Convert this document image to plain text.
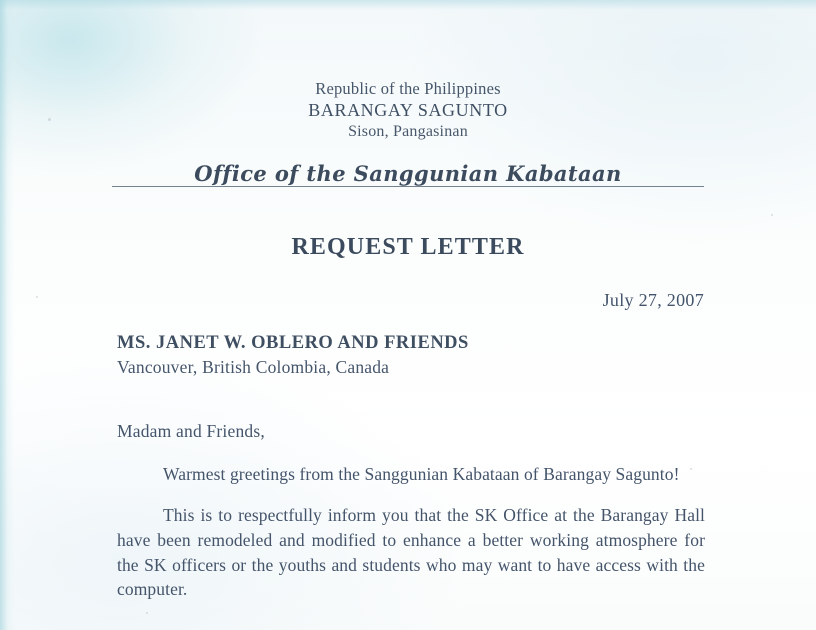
Republic of the Philippines
BARANGAY SAGUNTO
Sison, Pangasinan
Office of the Sanggunian Kabataan
REQUEST LETTER
July 27, 2007
MS. JANET W. OBLERO AND FRIENDS
Vancouver, British Colombia, Canada
Madam and Friends,

Warmest greetings from the Sanggunian Kabataan of Barangay Sagunto!

This is to respectfully inform you that the SK Office at the Barangay Hall have been remodeled and modified to enhance a better working atmosphere for the SK officers or the youths and students who may want to have access with the computer.
